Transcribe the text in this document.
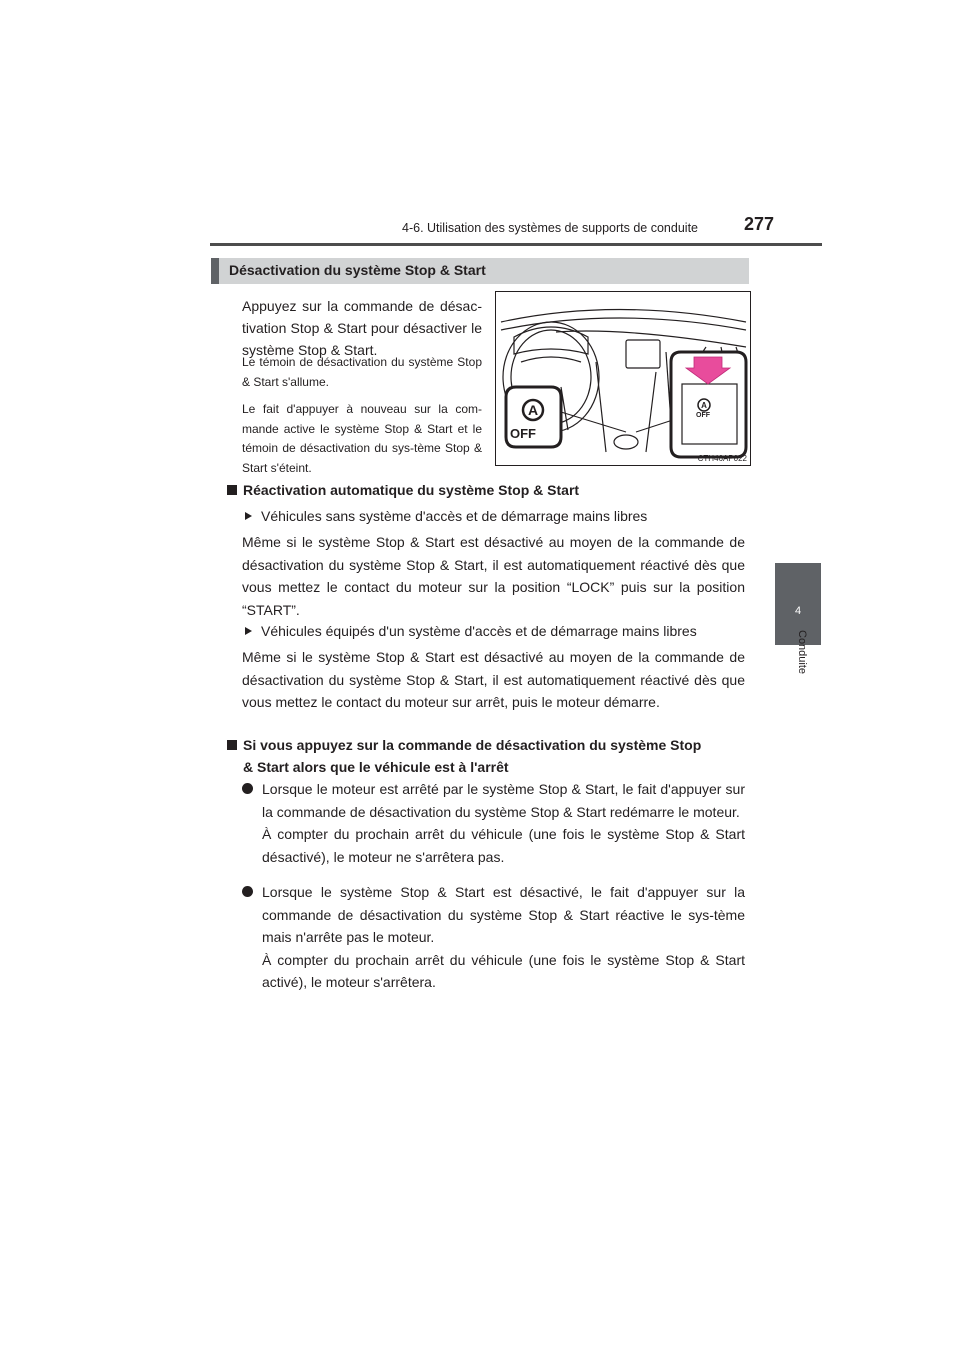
4-6. Utilisation des systèmes de supports de conduite	277
4
Conduite
Désactivation du système Stop & Start
Appuyez sur la commande de désac-tivation Stop & Start pour désactiver le système Stop & Start.
Le témoin de désactivation du système Stop & Start s'allume.
Le fait d'appuyer à nouveau sur la com-mande active le système Stop & Start et le témoin de désactivation du sys-tème Stop & Start s'éteint.
A	A
OFF
OFF
CTH46AP022
Réactivation automatique du système Stop & Start
Véhicules sans système d'accès et de démarrage mains libres
Même si le système Stop & Start est désactivé au moyen de la commande de désactivation du système Stop & Start, il est automatiquement réactivé dès que vous mettez le contact du moteur sur la position “LOCK” puis sur la position “START”.
Véhicules équipés d'un système d'accès et de démarrage mains libres
Même si le système Stop & Start est désactivé au moyen de la commande de désactivation du système Stop & Start, il est automatiquement réactivé dès que vous mettez le contact du moteur sur arrêt, puis le moteur démarre.
Si vous appuyez sur la commande de désactivation du système Stop
& Start alors que le véhicule est à l'arrêt

Lorsque le moteur est arrêté par le système Stop & Start, le fait d'appuyer sur la commande de désactivation du système Stop & Start redémarre le moteur.

À compter du prochain arrêt du véhicule (une fois le système Stop & Start désactivé), le moteur ne s'arrêtera pas.

Lorsque le système Stop & Start est désactivé, le fait d'appuyer sur la commande de désactivation du système Stop & Start réactive le sys-tème mais n'arrête pas le moteur.

À compter du prochain arrêt du véhicule (une fois le système Stop & Start activé), le moteur s'arrêtera.
